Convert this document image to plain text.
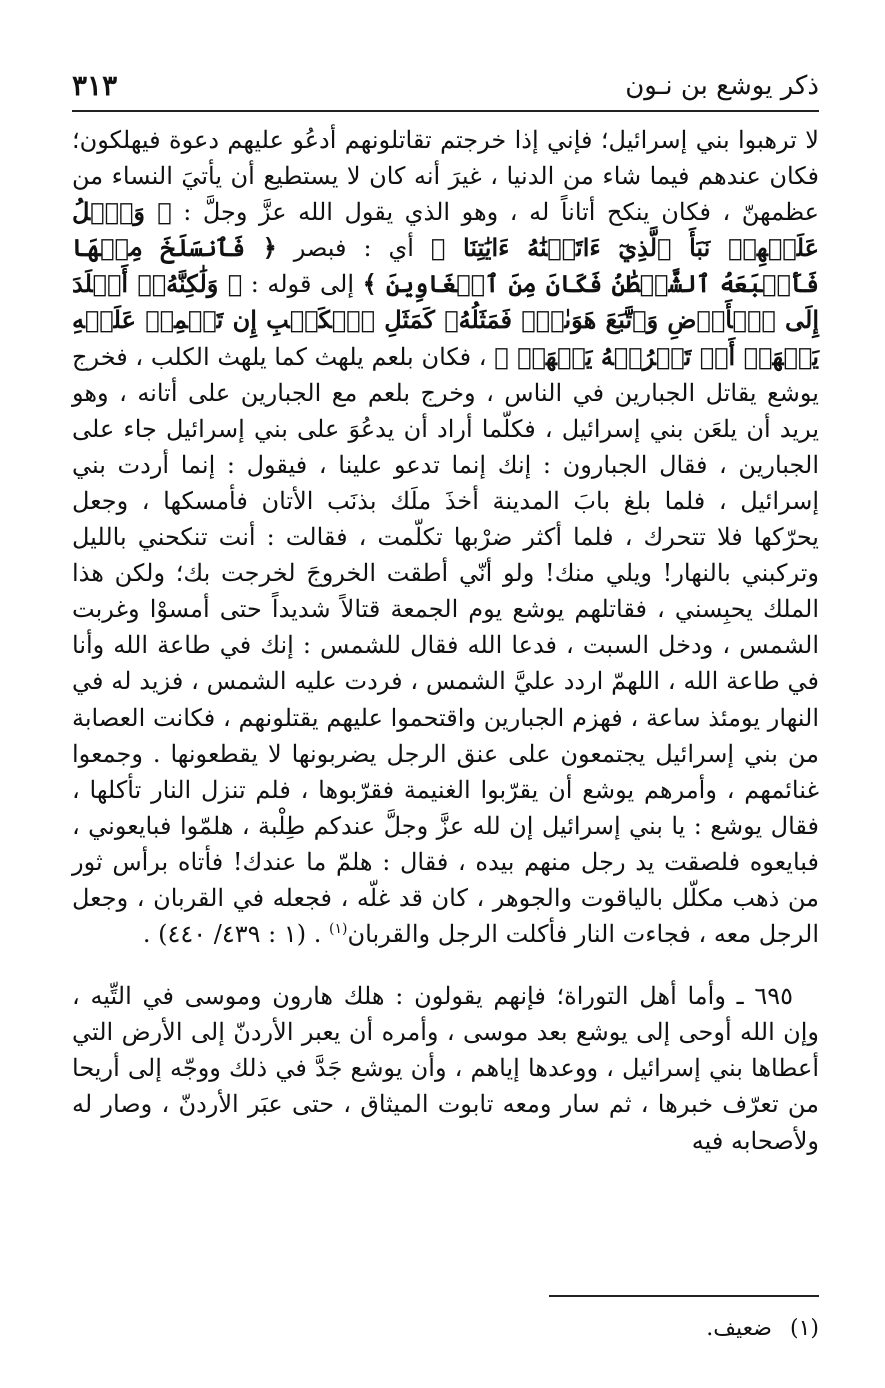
ذكر يوشع بن نـون
٣١٣

لا ترهبوا بني إسرائيل؛ فإني إذا خرجتم تقاتلونهم أدعُو عليهم دعوة فيهلكون؛ فكان عندهم فيما شاء من الدنيا ، غيرَ أنه كان لا يستطيع أن يأتيَ النساء من عظمهنّ ، فكان ينكح أتاناً له ، وهو الذي يقول الله عزَّ وجلَّ : ﴿ وَٱتۡلُ عَلَيۡهِمۡ نَبَأَ ٱلَّذِيٓ ءَاتَيۡنَٰهُ ءَايَٰتِنَا ﴾ أي : فبصر ﴿ فَٱنسَلَخَ مِنۡهَا فَأَتۡبَعَهُ ٱلشَّيۡطَٰنُ فَكَانَ مِنَ ٱلۡغَاوِينَ ﴾ إلى قوله : ﴿ وَلَٰكِنَّهُۥٓ أَخۡلَدَ إِلَى ٱلۡأَرۡضِ وَٱتَّبَعَ هَوَىٰهُۚ فَمَثَلُهُۥ كَمَثَلِ ٱلۡكَلۡبِ إِن تَحۡمِلۡ عَلَيۡهِ يَلۡهَثۡ أَوۡ تَتۡرُكۡهُ يَلۡهَثۚ ﴾ ، فكان بلعم يلهث كما يلهث الكلب ، فخرج يوشع يقاتل الجبارين في الناس ، وخرج بلعم مع الجبارين على أتانه ، وهو يريد أن يلعَن بني إسرائيل ، فكلّما أراد أن يدعُوَ على بني إسرائيل جاء على الجبارين ، فقال الجبارون : إنك إنما تدعو علينا ، فيقول : إنما أردت بني إسرائيل ، فلما بلغ بابَ المدينة أخذَ ملَك بذنَب الأتان فأمسكها ، وجعل يحرّكها فلا تتحرك ، فلما أكثر ضرْبها تكلّمت ، فقالت : أنت تنكحني بالليل وتركبني بالنهار! ويلي منك! ولو أنّي أطقت الخروجَ لخرجت بك؛ ولكن هذا الملك يحبِسني ، فقاتلهم يوشع يوم الجمعة قتالاً شديداً حتى أمسوْا وغربت الشمس ، ودخل السبت ، فدعا الله فقال للشمس : إنك في طاعة الله وأنا في طاعة الله ، اللهمّ اردد عليَّ الشمس ، فردت عليه الشمس ، فزيد له في النهار يومئذ ساعة ، فهزم الجبارين واقتحموا عليهم يقتلونهم ، فكانت العصابة من بني إسرائيل يجتمعون على عنق الرجل يضربونها لا يقطعونها . وجمعوا غنائمهم ، وأمرهم يوشع أن يقرّبوا الغنيمة فقرّبوها ، فلم تنزل النار تأكلها ، فقال يوشع : يا بني إسرائيل إن لله عزَّ وجلَّ عندكم طِلْبة ، هلمّوا فبايعوني ، فبايعوه فلصقت يد رجل منهم بيده ، فقال : هلمّ ما عندك! فأتاه برأس ثور من ذهب مكلّل بالياقوت والجوهر ، كان قد غلّه ، فجعله في القربان ، وجعل الرجل معه ، فجاءت النار فأكلت الرجل والقربان$^{(١)}$ . (١ : ٤٣٩/ ٤٤٠) .

٦٩٥ ـ وأما أهل التوراة؛ فإنهم يقولون : هلك هارون وموسى في التِّيه ، وإن الله أوحى إلى يوشع بعد موسى ، وأمره أن يعبر الأردنّ إلى الأرض التي أعطاها بني إسرائيل ، ووعدها إياهم ، وأن يوشع جَدَّ في ذلك ووجّه إلى أريحا من تعرّف خبرها ، ثم سار ومعه تابوت الميثاق ، حتى عبَر الأردنّ ، وصار له ولأصحابه فيه

(١)ضعيف.
